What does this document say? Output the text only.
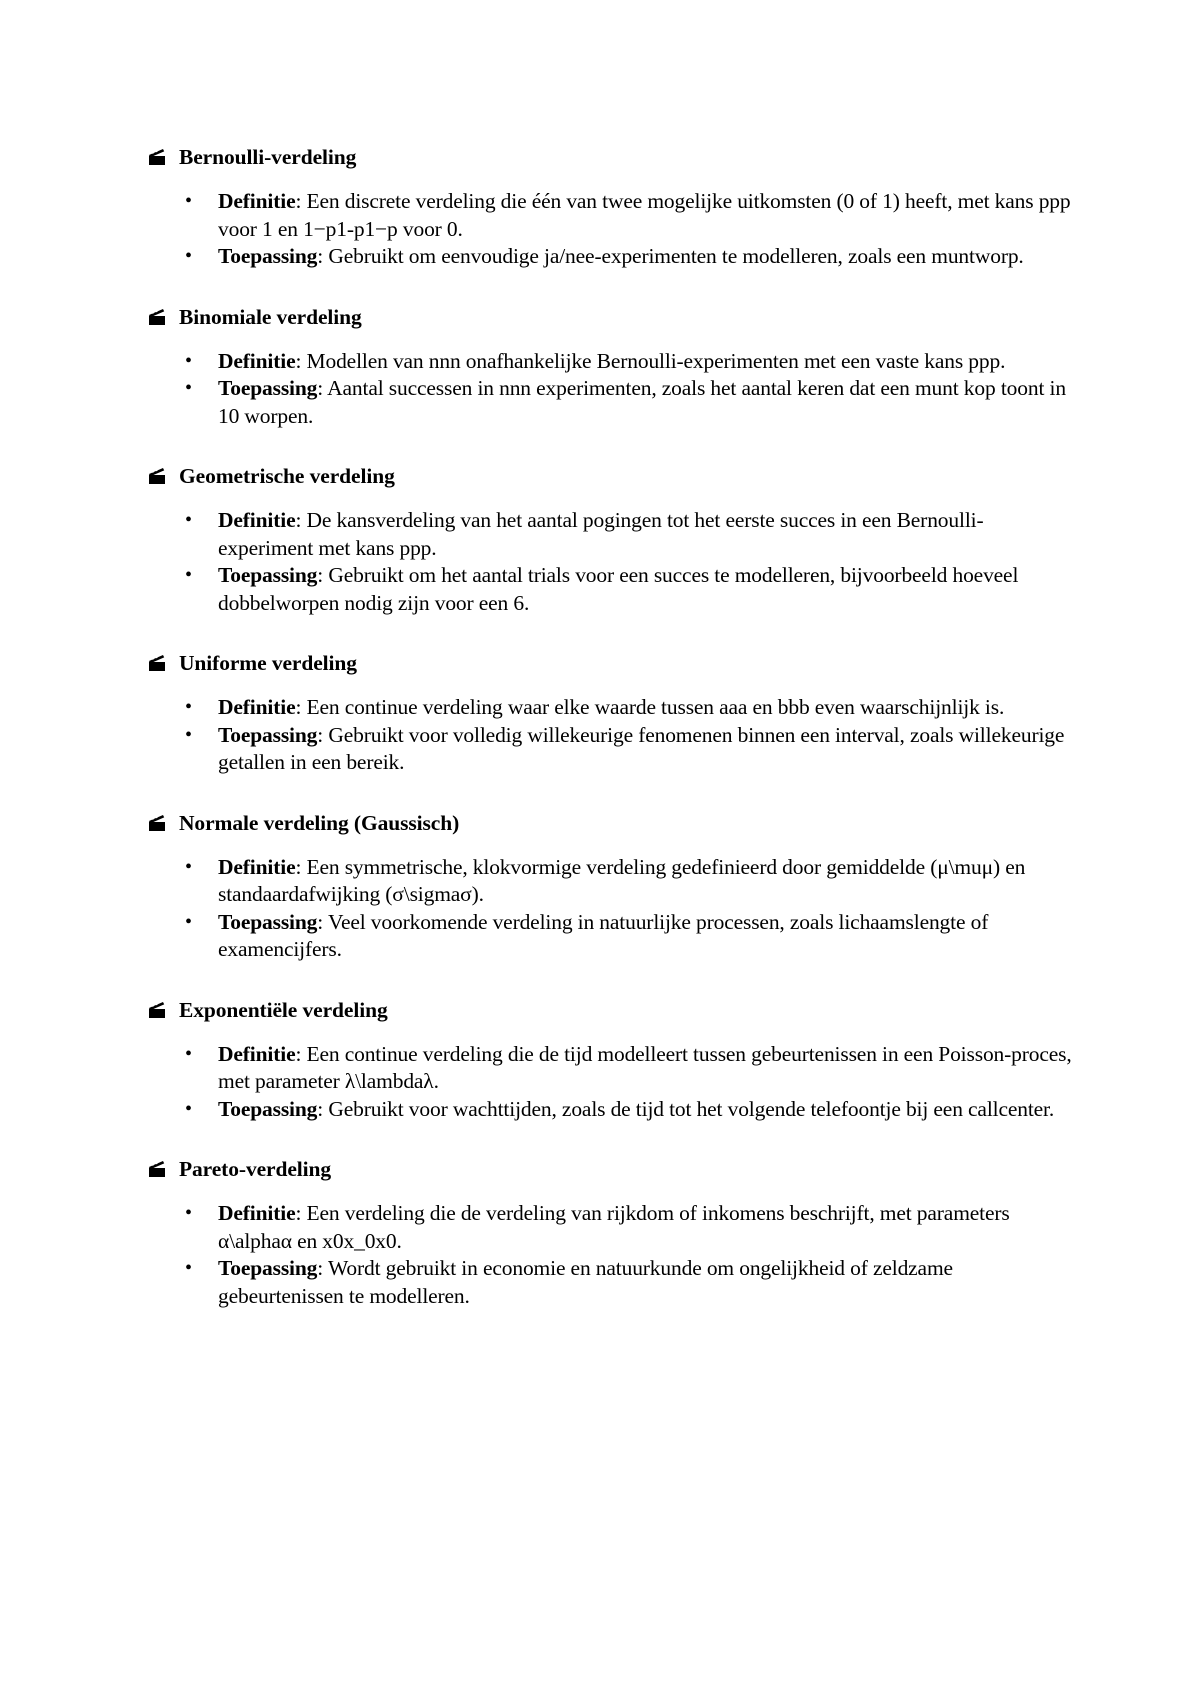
Bernoulli-verdeling
• Definitie: Een discrete verdeling die één van twee mogelijke uitkomsten (0 of 1) heeft, met kans ppp voor 1 en 1−p1-p1−p voor 0.
• Toepassing: Gebruikt om eenvoudige ja/nee-experimenten te modelleren, zoals een muntworp.
Binomiale verdeling
• Definitie: Modellen van nnn onafhankelijke Bernoulli-experimenten met een vaste kans ppp.
• Toepassing: Aantal successen in nnn experimenten, zoals het aantal keren dat een munt kop toont in 10 worpen.
Geometrische verdeling
• Definitie: De kansverdeling van het aantal pogingen tot het eerste succes in een Bernoulli-experiment met kans ppp.
• Toepassing: Gebruikt om het aantal trials voor een succes te modelleren, bijvoorbeeld hoeveel dobbelworpen nodig zijn voor een 6.
Uniforme verdeling
• Definitie: Een continue verdeling waar elke waarde tussen aaa en bbb even waarschijnlijk is.
• Toepassing: Gebruikt voor volledig willekeurige fenomenen binnen een interval, zoals willekeurige getallen in een bereik.
Normale verdeling (Gaussisch)
• Definitie: Een symmetrische, klokvormige verdeling gedefinieerd door gemiddelde (μ\muμ) en standaardafwijking (σ\sigmaσ).
• Toepassing: Veel voorkomende verdeling in natuurlijke processen, zoals lichaamslengte of examencijfers.
Exponentiële verdeling
• Definitie: Een continue verdeling die de tijd modelleert tussen gebeurtenissen in een Poisson-proces, met parameter λ\lambdaλ.
• Toepassing: Gebruikt voor wachttijden, zoals de tijd tot het volgende telefoontje bij een callcenter.
Pareto-verdeling
• Definitie: Een verdeling die de verdeling van rijkdom of inkomens beschrijft, met parameters α\alphaα en x0x_0x0.
• Toepassing: Wordt gebruikt in economie en natuurkunde om ongelijkheid of zeldzame gebeurtenissen te modelleren.
